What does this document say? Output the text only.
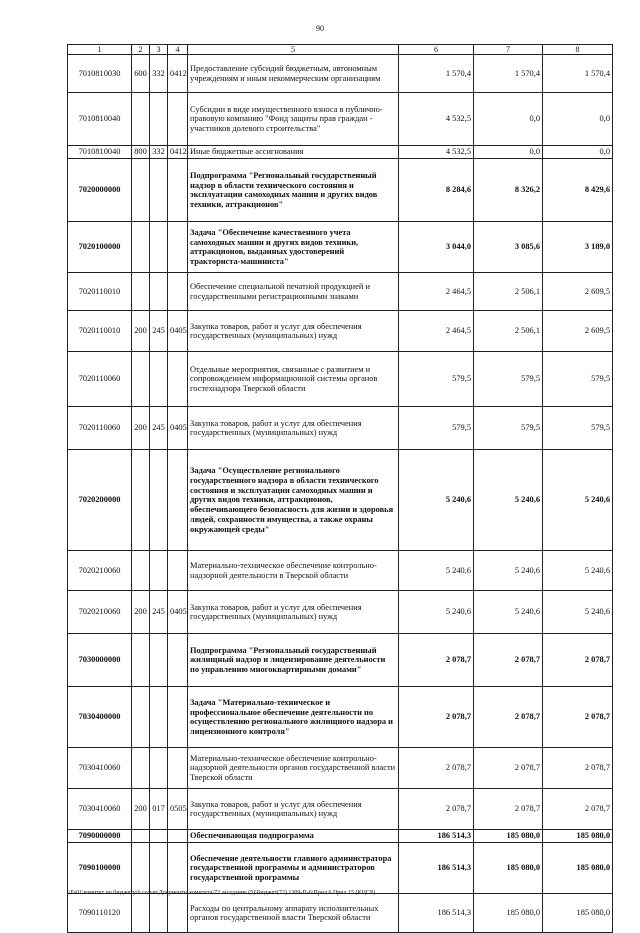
90
1	2	3	4	5	6	7	8
7010810030	600	332	0412	Предоставление субсидий бюджетным, автономным учреждениям и иным некоммерческим организациям	1 570,4	1 570,4	1 570,4
7010810040				Субсидии в виде имущественного взноса в публично-правовую компанию "Фонд защиты прав граждан - участников долевого строительства"	4 532,5	0,0	0,0
7010810040	800	332	0412	Иные бюджетные ассигнования	4 532,5	0,0	0,0
7020000000				Подпрограмма "Региональный государственный надзор в области технического состояния и эксплуатации самоходных машин и других видов техники, аттракционов"	8 284,6	8 326,2	8 429,6
7020100000				Задача "Обеспечение качественного учета самоходных машин и других видов техники, аттракционов, выданных удостоверений тракториста-машиниста"	3 044,0	3 085,6	3 189,0
7020110010				Обеспечение специальной печатной продукцией и государственными регистрационными знаками	2 464,5	2 506,1	2 609,5
7020110010	200	245	0405	Закупка товаров, работ и услуг для обеспечения государственных (муниципальных) нужд	2 464,5	2 506,1	2 609,5
7020110060				Отдельные мероприятия, связанные с развитием и сопровождением информационной системы органов гостехнадзора Тверской области	579,5	579,5	579,5
7020110060	200	245	0405	Закупка товаров, работ и услуг для обеспечения государственных (муниципальных) нужд	579,5	579,5	579,5
7020200000				Задача "Осуществление регионального государственного надзора в области технического состояния и эксплуатации самоходных машин и других видов техники, аттракционов, обеспечивающего безопасность для жизни и здоровья людей, сохранности имущества, а также охраны окружающей среды"	5 240,6	5 240,6	5 240,6
7020210060				Материально-техническое обеспечение контрольно-надзорной деятельности в Тверской области	5 240,6	5 240,6	5 240,6
7020210060	200	245	0405	Закупка товаров, работ и услуг для обеспечения государственных (муниципальных) нужд	5 240,6	5 240,6	5 240,6
7030000000				Подпрограмма "Региональный государственный жилищный надзор и лицензирование деятельности по управлению многоквартирными домами"	2 078,7	2 078,7	2 078,7
7030400000				Задача "Материально-техническое и профессиональное обеспечение деятельности по осуществлению регионального жилищного надзора и лицензионного контроля"	2 078,7	2 078,7	2 078,7
7030410060				Материально-техническое обеспечение контрольно-надзорной деятельности органов государственной власти Тверской области	2 078,7	2 078,7	2 078,7
7030410060	200	017	0505	Закупка товаров, работ и услуг для обеспечения государственных (муниципальных) нужд	2 078,7	2 078,7	2 078,7
7090000000				Обеспечивающая подпрограмма	186 514,3	185 080,0	185 080,0
7090100000				Обеспечение деятельности главного администратора государственной программы и администраторов государственной программы	186 514,3	185 080,0	185 080,0
7090110120				Расходы по центральному аппарату исполнительных органов государственной власти Тверской области	186 514,3	185 080,0	185 080,0
\\Fs01\комитет по бюджету\6 созыв\Документы комитета\72 заседание (5)\Бюджет(72) 1309-П-6\Прил 6 Прил 15 (КЦСР)
